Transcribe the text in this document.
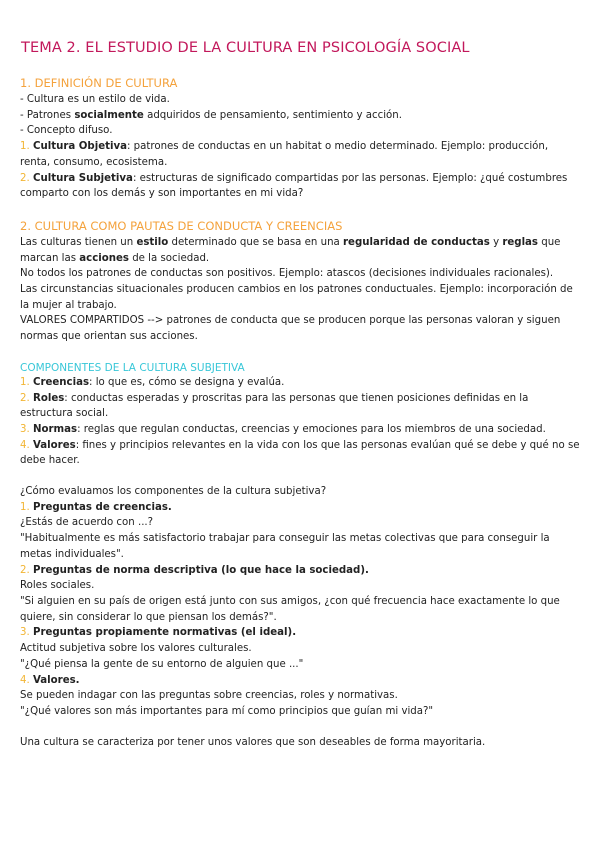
TEMA 2. EL ESTUDIO DE LA CULTURA EN PSICOLOGÍA SOCIAL
1. DEFINICIÓN DE CULTURA
- Cultura es un estilo de vida.
- Patrones socialmente adquiridos de pensamiento, sentimiento y acción.
- Concepto difuso.
1. Cultura Objetiva: patrones de conductas en un habitat o medio determinado. Ejemplo: producción, renta, consumo, ecosistema.
2. Cultura Subjetiva: estructuras de significado compartidas por las personas. Ejemplo: ¿qué costumbres comparto con los demás y son importantes en mi vida?
2. CULTURA COMO PAUTAS DE CONDUCTA Y CREENCIAS
Las culturas tienen un estilo determinado que se basa en una regularidad de conductas y reglas que marcan las acciones de la sociedad.
No todos los patrones de conductas son positivos. Ejemplo: atascos (decisiones individuales racionales).
Las circunstancias situacionales producen cambios en los patrones conductuales. Ejemplo: incorporación de la mujer al trabajo.
VALORES COMPARTIDOS --> patrones de conducta que se producen porque las personas valoran y siguen normas que orientan sus acciones.
COMPONENTES DE LA CULTURA SUBJETIVA
1. Creencias: lo que es, cómo se designa y evalúa.
2. Roles: conductas esperadas y proscritas para las personas que tienen posiciones definidas en la estructura social.
3. Normas: reglas que regulan conductas, creencias y emociones para los miembros de una sociedad.
4. Valores: fines y principios relevantes en la vida con los que las personas evalúan qué se debe y qué no se debe hacer.
¿Cómo evaluamos los componentes de la cultura subjetiva?
1. Preguntas de creencias.
¿Estás de acuerdo con ...?
"Habitualmente es más satisfactorio trabajar para conseguir las metas colectivas que para conseguir la metas individuales".
2. Preguntas de norma descriptiva (lo que hace la sociedad).
Roles sociales.
"Si alguien en su país de origen está junto con sus amigos, ¿con qué frecuencia hace exactamente lo que quiere, sin considerar lo que piensan los demás?".
3. Preguntas propiamente normativas (el ideal).
Actitud subjetiva sobre los valores culturales.
"¿Qué piensa la gente de su entorno de alguien que ..."
4. Valores.
Se pueden indagar con las preguntas sobre creencias, roles y normativas.
"¿Qué valores son más importantes para mí como principios que guían mi vida?"
Una cultura se caracteriza por tener unos valores que son deseables de forma mayoritaria.
